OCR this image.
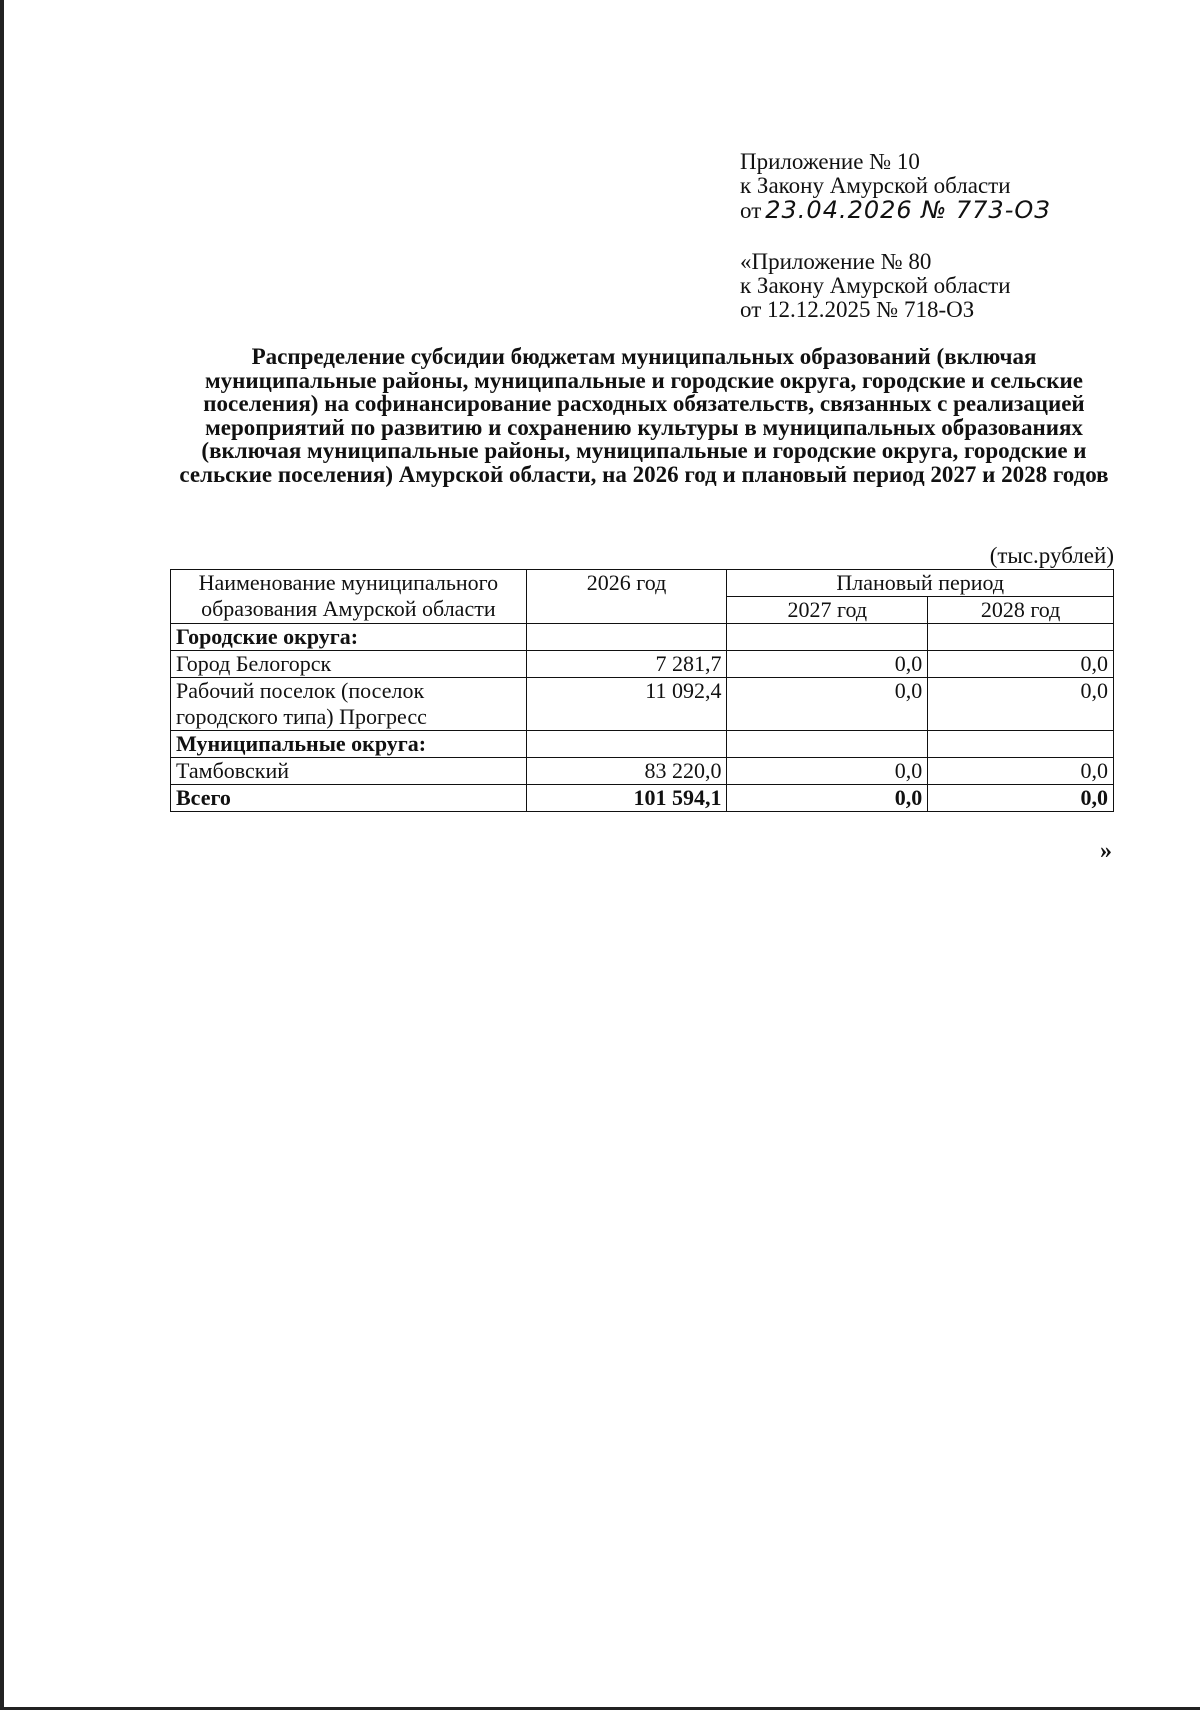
Приложение № 10
к Закону Амурской области
от 23.04.2026 № 773-ОЗ
«Приложение № 80
к Закону Амурской области
от 12.12.2025 № 718-ОЗ
Распределение субсидии бюджетам муниципальных образований (включая муниципальные районы, муниципальные и городские округа, городские и сельские поселения) на софинансирование расходных обязательств, связанных с реализацией мероприятий по развитию и сохранению культуры в муниципальных образованиях (включая муниципальные районы, муниципальные и городские округа, городские и сельские поселения) Амурской области, на 2026 год и плановый период 2027 и 2028 годов
(тыс.рублей)
Наименование муниципального образования Амурской области	2026 год	Плановый период	
		2027 год	2028 год
Городские округа:			
Город Белогорск	7 281,7	0,0	0,0
Рабочий поселок (поселок городского типа) Прогресс	11 092,4	0,0	0,0
Муниципальные округа:			
Тамбовский	83 220,0	0,0	0,0
Всего	101 594,1	0,0	0,0
»
